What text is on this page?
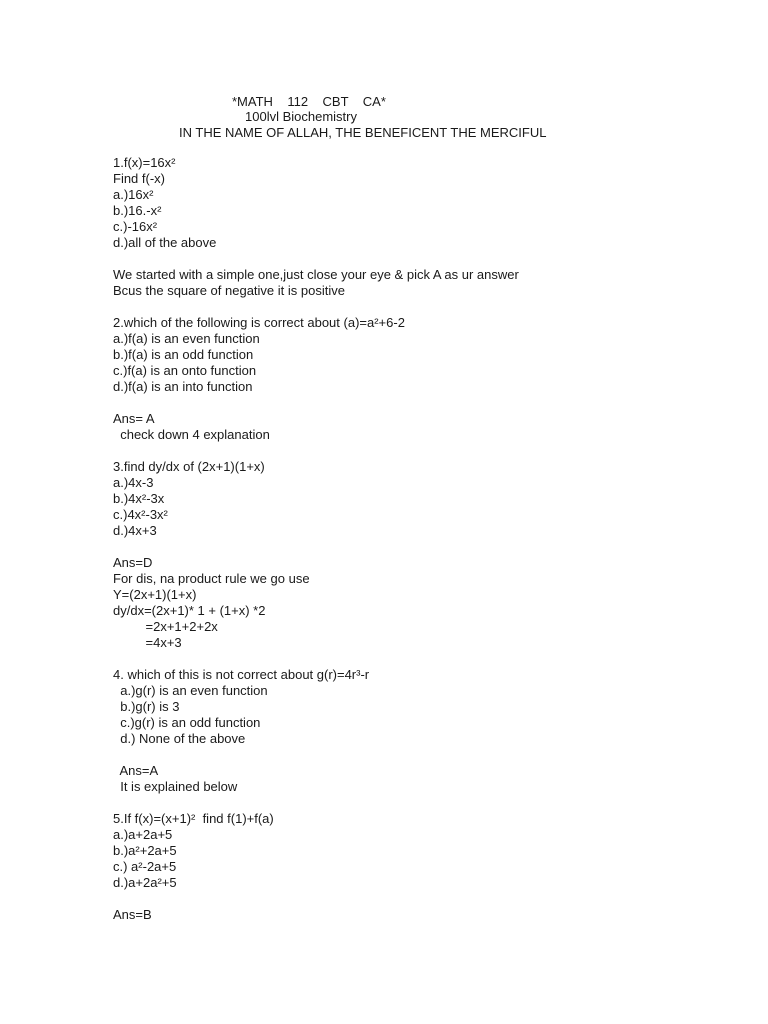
*MATH    112    CBT    CA*
100lvl Biochemistry
IN THE NAME OF ALLAH, THE BENEFICENT THE MERCIFUL
1.f(x)=16x²
Find f(-x)
a.)16x²
b.)16.-x²
c.)-16x²
d.)all of the above
We started with a simple one,just close your eye & pick A as ur answer
Bcus the square of negative it is positive
2.which of the following is correct about (a)=a²+6-2
a.)f(a) is an even function
b.)f(a) is an odd function
c.)f(a) is an onto function
d.)f(a) is an into function
Ans= A
check down 4 explanation
3.find dy/dx of (2x+1)(1+x)
a.)4x-3
b.)4x²-3x
c.)4x²-3x²
d.)4x+3
Ans=D
For dis, na product rule we go use
Y=(2x+1)(1+x)
dy/dx=(2x+1)* 1 + (1+x) *2
=2x+1+2+2x
=4x+3
4. which of this is not correct about g(r)=4r³-r
a.)g(r) is an even function
b.)g(r) is 3
c.)g(r) is an odd function
d.) None of the above
Ans=A
It is explained below
5.If f(x)=(x+1)²  find f(1)+f(a)
a.)a+2a+5
b.)a²+2a+5
c.) a²-2a+5
d.)a+2a²+5
Ans=B
